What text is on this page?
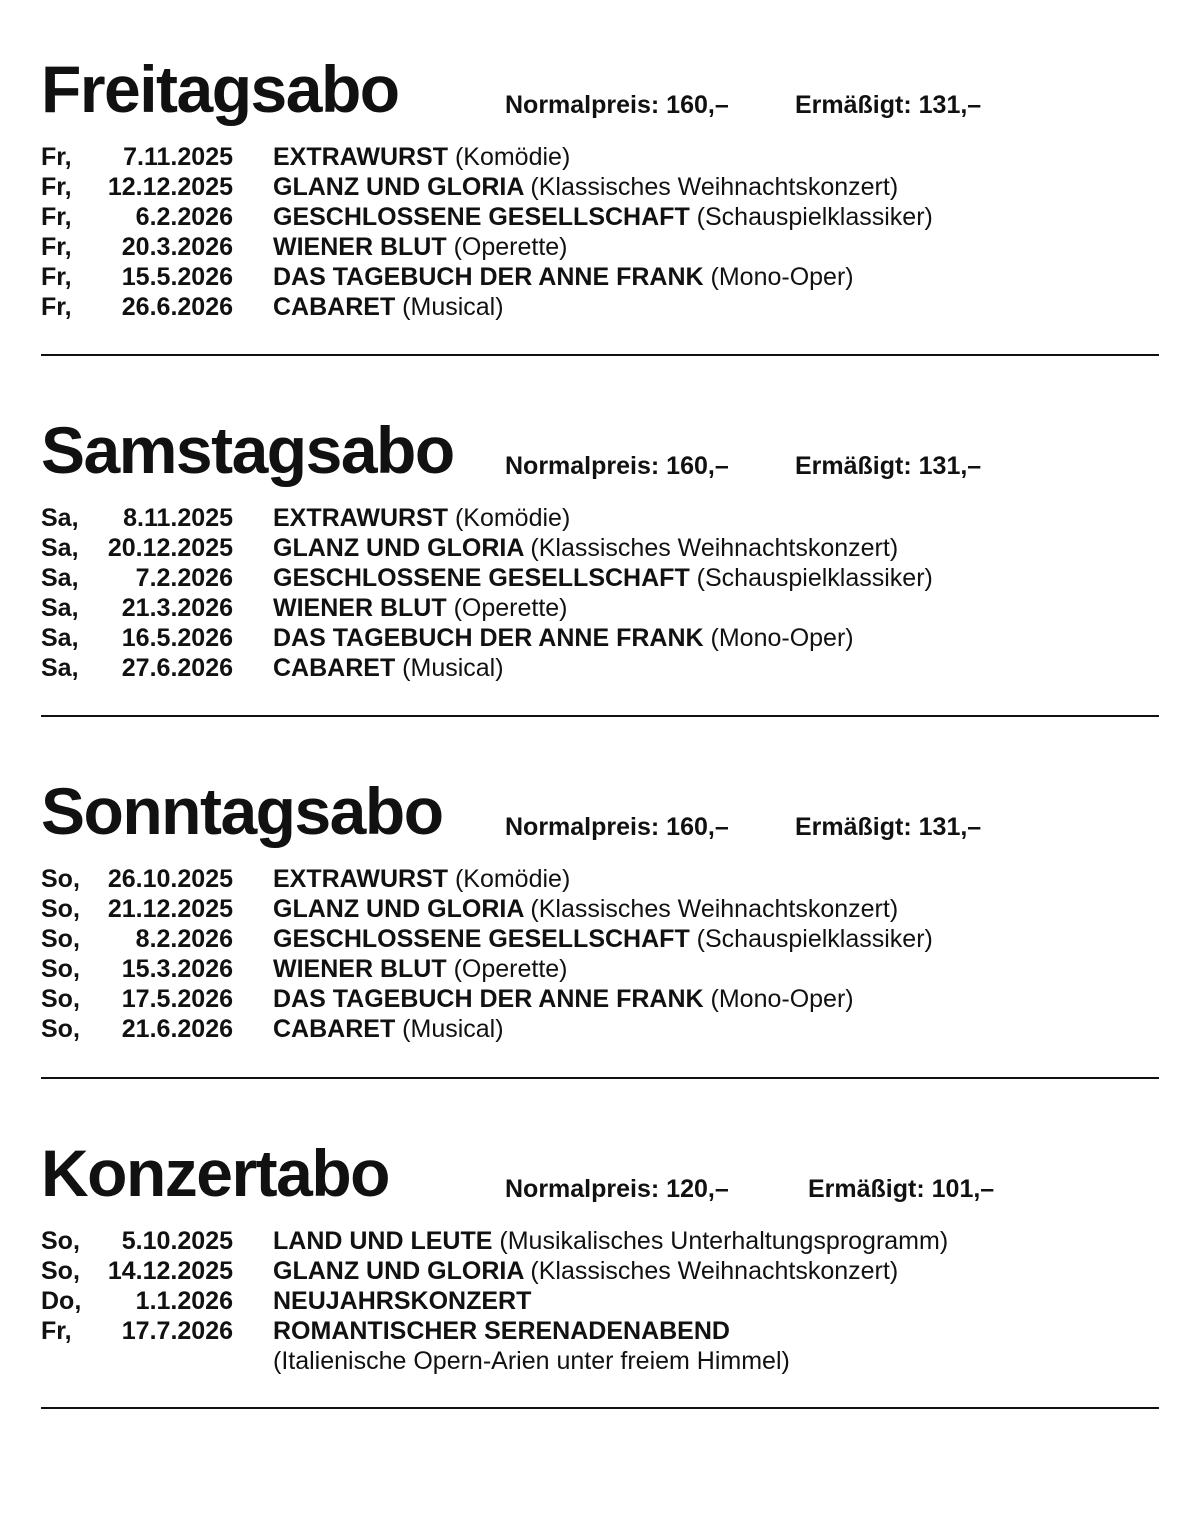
Freitagsabo	Normalpreis: 160,–	Ermäßigt: 131,–
Fr,	7.11.2025 EXTRAWURST (Komödie)
Fr,	12.12.2025 GLANZ UND GLORIA (Klassisches Weihnachtskonzert)
Fr,	6.2.2026 GESCHLOSSENE GESELLSCHAFT (Schauspielklassiker)
Fr,	20.3.2026 WIENER BLUT (Operette)
Fr,	15.5.2026 DAS TAGEBUCH DER ANNE FRANK (Mono-Oper)
Fr,	26.6.2026 CABARET (Musical)
Samstagsabo Normalpreis: 160,–	Ermäßigt: 131,–
Sa,	8.11.2025 EXTRAWURST (Komödie)
Sa,	20.12.2025 GLANZ UND GLORIA (Klassisches Weihnachtskonzert)
Sa,	7.2.2026 GESCHLOSSENE GESELLSCHAFT (Schauspielklassiker)
Sa,	21.3.2026 WIENER BLUT (Operette)
Sa,	16.5.2026 DAS TAGEBUCH DER ANNE FRANK (Mono-Oper)
Sa,	27.6.2026 CABARET (Musical)
Sonntagsabo Normalpreis: 160,–	Ermäßigt: 131,–
So,	26.10.2025 EXTRAWURST (Komödie)
So,	21.12.2025 GLANZ UND GLORIA (Klassisches Weihnachtskonzert)
So,	8.2.2026 GESCHLOSSENE GESELLSCHAFT (Schauspielklassiker)
So,	15.3.2026 WIENER BLUT (Operette)
So,	17.5.2026 DAS TAGEBUCH DER ANNE FRANK (Mono-Oper)
So,	21.6.2026 CABARET (Musical)
Konzertabo	Normalpreis: 120,–	Ermäßigt: 101,–
So,	5.10.2025 LAND UND LEUTE (Musikalisches Unterhaltungsprogramm)
So,	14.12.2025 GLANZ UND GLORIA (Klassisches Weihnachtskonzert)
Do,	1.1.2026 NEUJAHRSKONZERT
Fr,	17.7.2026 ROMANTISCHER SERENADENABEND
(Italienische Opern-Arien unter freiem Himmel)
